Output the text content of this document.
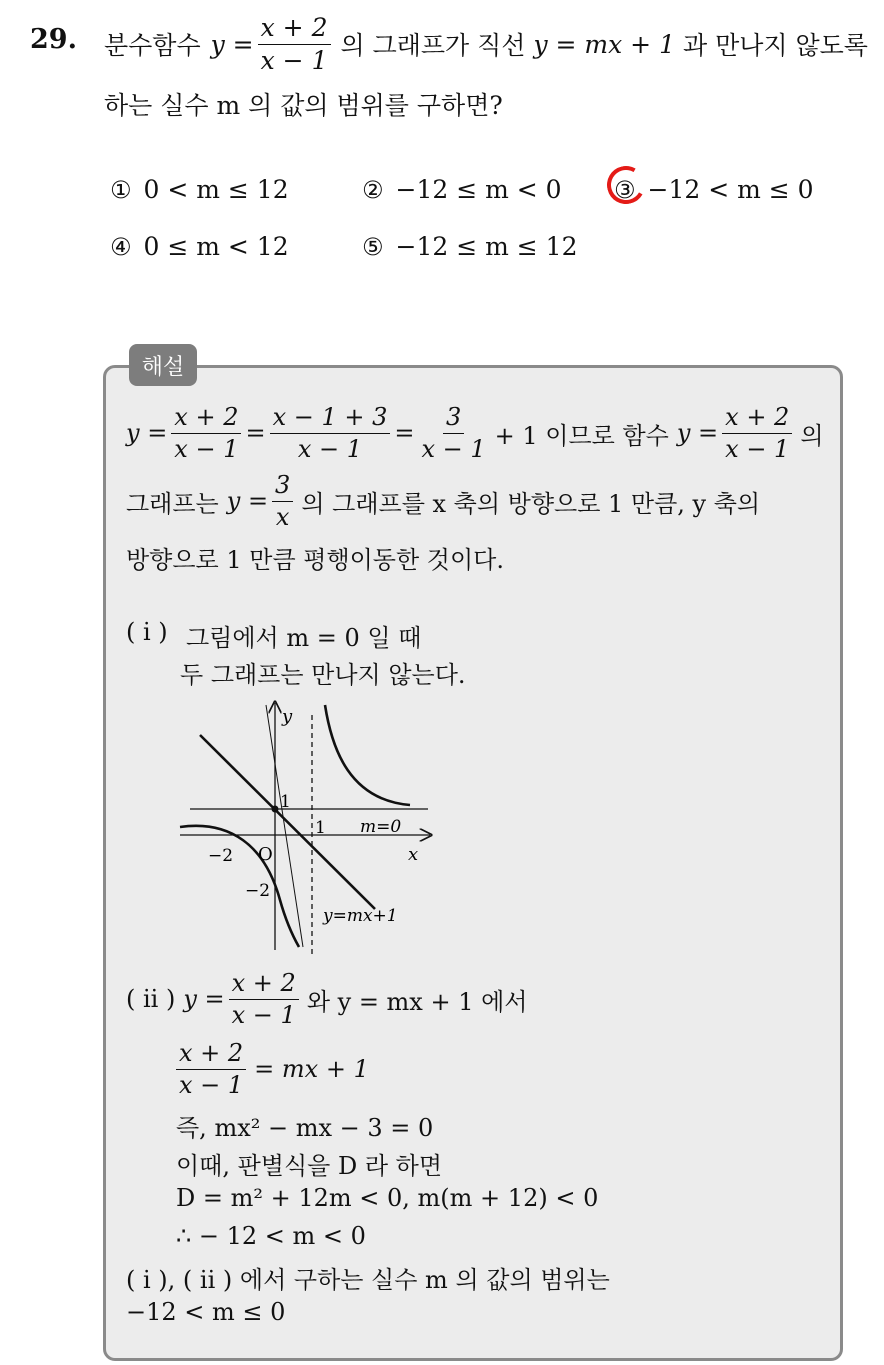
29. 분수함수 $y = \frac{x + 2}{x - 1}$ 의 그래프가 직선 y = mx + 1 과 만나지 않도록
하는 실수 m 의 값의 범위를 구하면?
① 0 < m ≤ 12	② −12 ≤ m < 0 ③ −12 < m ≤ 0
④ 0 ≤ m < 12	⑤ −12 ≤ m ≤ 12
해설
$y = \frac{x + 2}{x - 1} = \frac{x - 1 + 3}{x - 1} = \frac{3}{x - 1} + 1$ 이므로 함수 $y = \frac{x + 2}{x - 1}$ 의
그래프는 $y = \frac{3}{x}$ 의 그래프를 x 축의 방향으로 1 만큼, y 축의
방향으로 1 만큼 평행이동한 것이다.
( i ) 그림에서 m = 0 일 때
두 그래프는 만나지 않는다.
y
x
O
1
1
−2
−2
m=0
y=mx+1
( ii ) $y = \frac{x + 2}{x - 1}$ 와 y = mx + 1 에서
$\frac{x + 2}{x - 1}$ = mx + 1
즉, mx² − mx − 3 = 0
이때, 판별식을 D 라 하면
D = m² + 12m < 0, m(m + 12) < 0
∴ − 12 < m < 0
( i ), ( ii ) 에서 구하는 실수 m 의 값의 범위는
−12 < m ≤ 0
